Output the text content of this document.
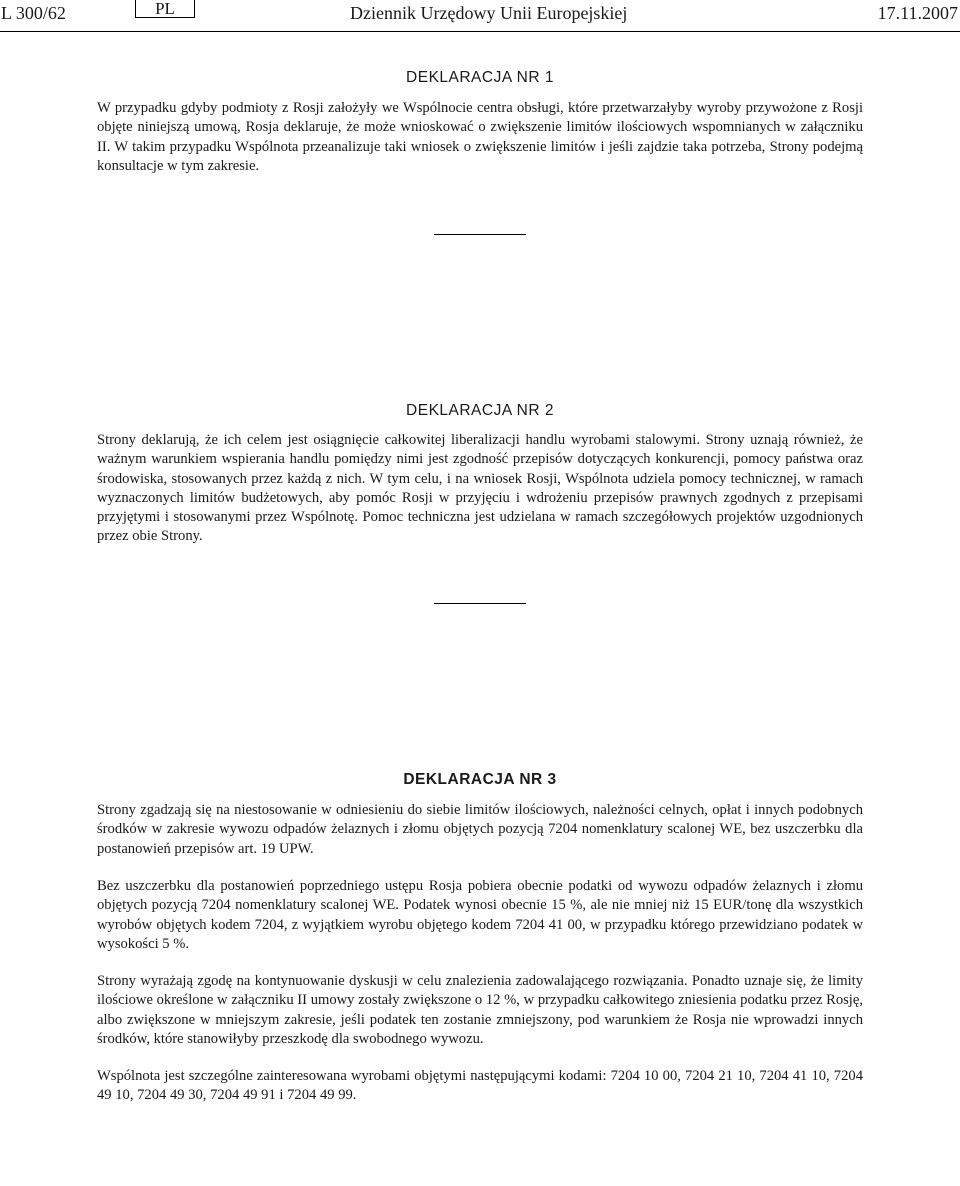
L 300/62	PL	Dziennik Urzędowy Unii Europejskiej	17.11.2007
DEKLARACJA NR 1
W przypadku gdyby podmioty z Rosji założyły we Wspólnocie centra obsługi, które przetwarzałyby wyroby przywożone z Rosji objęte niniejszą umową, Rosja deklaruje, że może wnioskować o zwiększenie limitów ilościowych wspomnianych w załączniku II. W takim przypadku Wspólnota przeanalizuje taki wniosek o zwiększenie limitów i jeśli zajdzie taka potrzeba, Strony podejmą konsultacje w tym zakresie.
DEKLARACJA NR 2
Strony deklarują, że ich celem jest osiągnięcie całkowitej liberalizacji handlu wyrobami stalowymi. Strony uznają również, że ważnym warunkiem wspierania handlu pomiędzy nimi jest zgodność przepisów dotyczących konkurencji, pomocy państwa oraz środowiska, stosowanych przez każdą z nich. W tym celu, i na wniosek Rosji, Wspólnota udziela pomocy technicznej, w ramach wyznaczonych limitów budżetowych, aby pomóc Rosji w przyjęciu i wdrożeniu przepisów prawnych zgodnych z przepisami przyjętymi i stosowanymi przez Wspólnotę. Pomoc techniczna jest udzielana w ramach szczegółowych projektów uzgodnionych przez obie Strony.
DEKLARACJA NR 3
Strony zgadzają się na niestosowanie w odniesieniu do siebie limitów ilościowych, należności celnych, opłat i innych podobnych środków w zakresie wywozu odpadów żelaznych i złomu objętych pozycją 7204 nomenklatury scalonej WE, bez uszczerbku dla postanowień przepisów art. 19 UPW.
Bez uszczerbku dla postanowień poprzedniego ustępu Rosja pobiera obecnie podatki od wywozu odpadów żelaznych i złomu objętych pozycją 7204 nomenklatury scalonej WE. Podatek wynosi obecnie 15 %, ale nie mniej niż 15 EUR/tonę dla wszystkich wyrobów objętych kodem 7204, z wyjątkiem wyrobu objętego kodem 7204 41 00, w przypadku którego przewidziano podatek w wysokości 5 %.
Strony wyrażają zgodę na kontynuowanie dyskusji w celu znalezienia zadowalającego rozwiązania. Ponadto uznaje się, że limity ilościowe określone w załączniku II umowy zostały zwiększone o 12 %, w przypadku całkowitego zniesienia podatku przez Rosję, albo zwiększone w mniejszym zakresie, jeśli podatek ten zostanie zmniejszony, pod warunkiem że Rosja nie wprowadzi innych środków, które stanowiłyby przeszkodę dla swobodnego wywozu.
Wspólnota jest szczególne zainteresowana wyrobami objętymi następującymi kodami: 7204 10 00, 7204 21 10, 7204 41 10, 7204 49 10, 7204 49 30, 7204 49 91 i 7204 49 99.
